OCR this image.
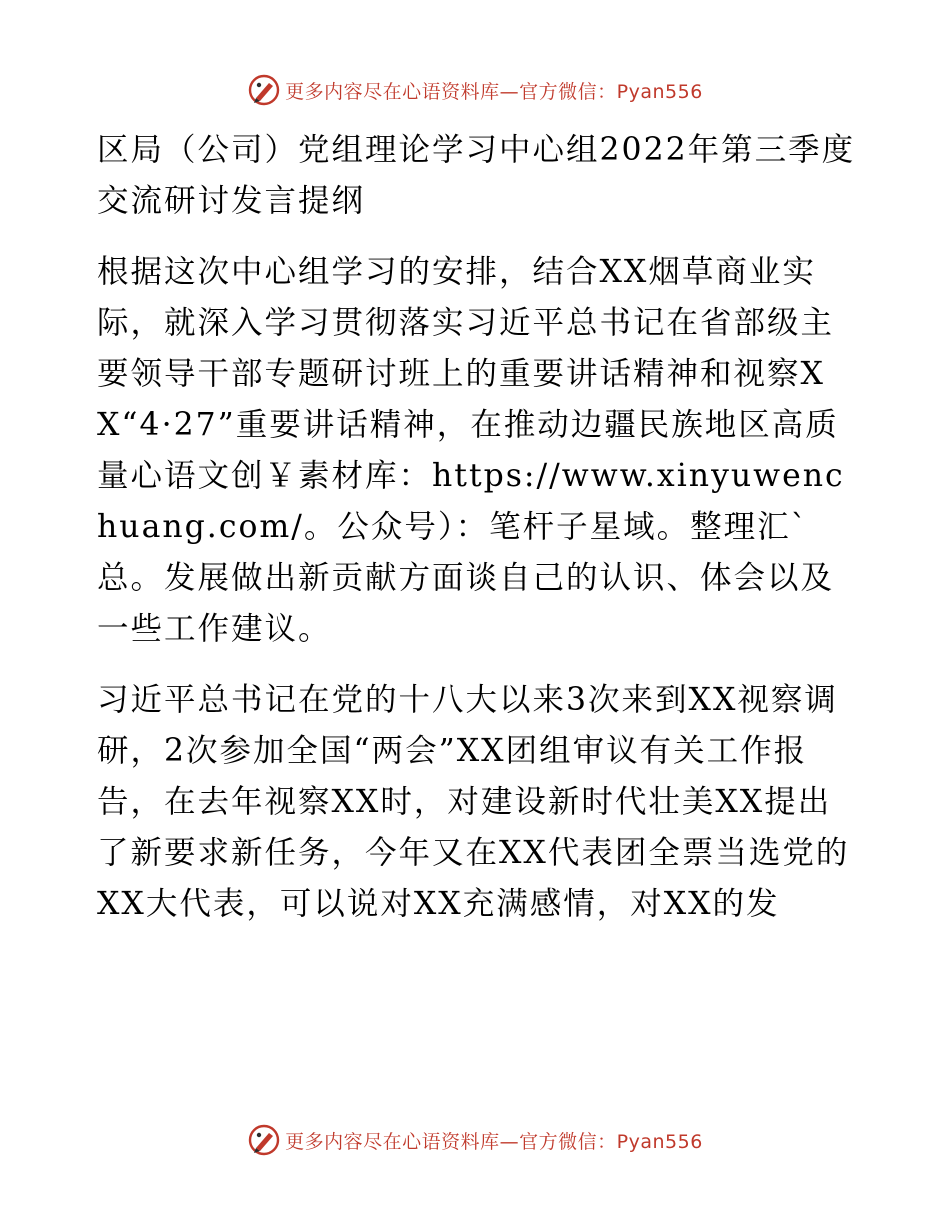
更多内容尽在心语资料库—官方微信：Pyan556

区局（公司）党组理论学习中心组2022年第三季度交流研讨发言提纲

根据这次中心组学习的安排，结合XX烟草商业实际，就深入学习贯彻落实习近平总书记在省部级主要领导干部专题研讨班上的重要讲话精神和视察XX“4·27”重要讲话精神，在推动边疆民族地区高质量心语文创￥素材库：https://www.xinyuwenchuang.com/。公众号）：笔杆子星域。整理汇`总。发展做出新贡献方面谈自己的认识、体会以及一些工作建议。

习近平总书记在党的十八大以来3次来到XX视察调研，2次参加全国“两会”XX团组审议有关工作报告，在去年视察XX时，对建设新时代壮美XX提出了新要求新任务，今年又在XX代表团全票当选党的XX大代表，可以说对XX充满感情，对XX的发

更多内容尽在心语资料库—官方微信：Pyan556
